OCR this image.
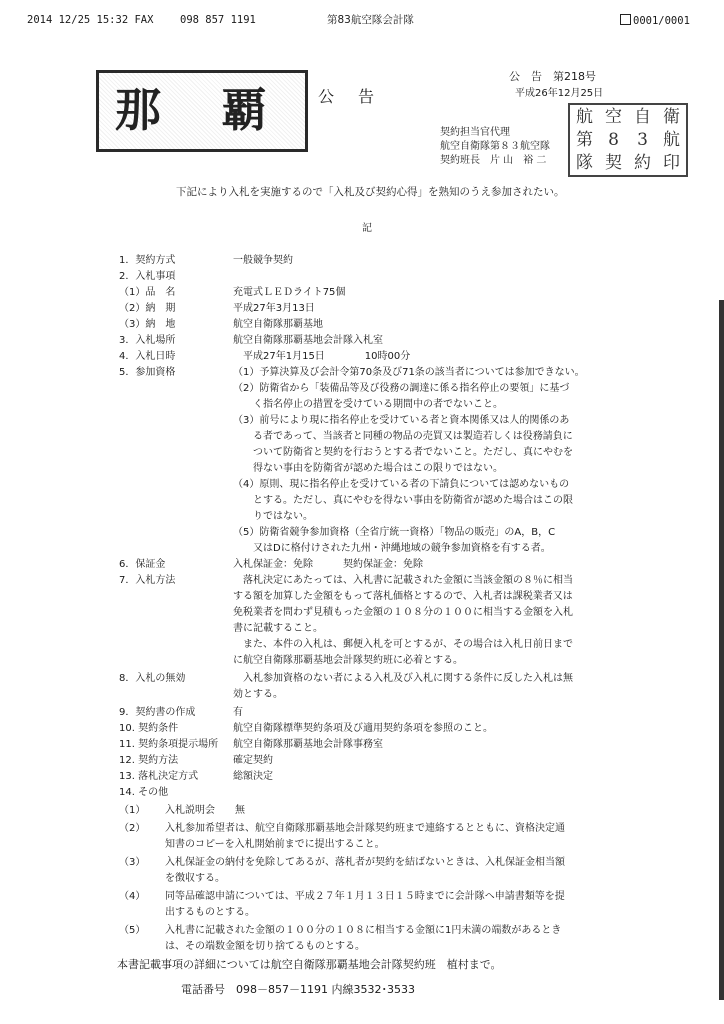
2014 12/25 15:32 FAX	098 857 1191	第83航空隊会計隊	0001/0001
那 覇 公　告
公　告　第218号
平成26年12月25日
契約担当官代理
航空自衛隊第８３航空隊
契約班長　片 山　裕 二
航 空 自 衛
第 8	3 航
隊 契 約 印
下記により入札を実施するので「入札及び契約心得」を熟知のうえ参加されたい。
記
1．契約方式	一般競争契約
2．入札事項
（1）品　名	充電式ＬＥＤライト75個
（2）納　期	平成27年3月13日
（3）納　地	航空自衛隊那覇基地
3．入札場所	航空自衛隊那覇基地会計隊入札室
4．入札日時	　平成27年1月15日　　　　10時00分
5．参加資格	（1）予算決算及び会計令第70条及び71条の該当者については参加できない。
（2）防衛省から「装備品等及び役務の調達に係る指名停止の要領」に基づ
　　く指名停止の措置を受けている期間中の者でないこと。
（3）前号により現に指名停止を受けている者と資本関係又は人的関係のあ
　　る者であって、当該者と同種の物品の売買又は製造若しくは役務請負に
　　ついて防衛省と契約を行おうとする者でないこと。ただし、真にやむを
　　得ない事由を防衛省が認めた場合はこの限りではない。
（4）原則、現に指名停止を受けている者の下請負については認めないもの
　　とする。ただし、真にやむを得ない事由を防衛省が認めた場合はこの限
　　りではない。
（5）防衛省競争参加資格（全省庁統一資格）「物品の販売」のA，B，C
　　又はDに格付けされた九州・沖縄地域の競争参加資格を有する者。
6．保証金	入札保証金：免除　　　契約保証金：免除
7．入札方法	　落札決定にあたっては、入札書に記載された金額に当該金額の８％に相当
する額を加算した金額をもって落札価格とするので、入札者は課税業者又は
免税業者を問わず見積もった金額の１０８分の１００に相当する金額を入札
書に記載すること。
　また、本件の入札は、郵便入札を可とするが、その場合は入札日前日まで
に航空自衛隊那覇基地会計隊契約班に必着とする。
8．入札の無効	　入札参加資格のない者による入札及び入札に関する条件に反した入札は無
効とする。
9．契約書の作成	有
10. 契約条件	航空自衛隊標準契約条項及び適用契約条項を参照のこと。
11. 契約条項提示場所 航空自衛隊那覇基地会計隊事務室
12. 契約方法	確定契約
13. 落札決定方式	総額決定
14. その他
（1） 入札説明会　　無
（2） 入札参加希望者は、航空自衛隊那覇基地会計隊契約班まで連絡するとともに、資格決定通
知書のコピーを入札開始前までに提出すること。
（3） 入札保証金の納付を免除してあるが、落札者が契約を結ばないときは、入札保証金相当額
を徴収する。
（4） 同等品確認申請については、平成２７年１月１３日１５時までに会計隊へ申請書類等を提
出するものとする。
（5） 入札書に記載された金額の１００分の１０８に相当する金額に1円未満の端数があるとき
は、その端数金額を切り捨てるものとする。
本書記載事項の詳細については航空自衛隊那覇基地会計隊契約班　植村まで。
電話番号　098－857－1191 内線3532･3533
